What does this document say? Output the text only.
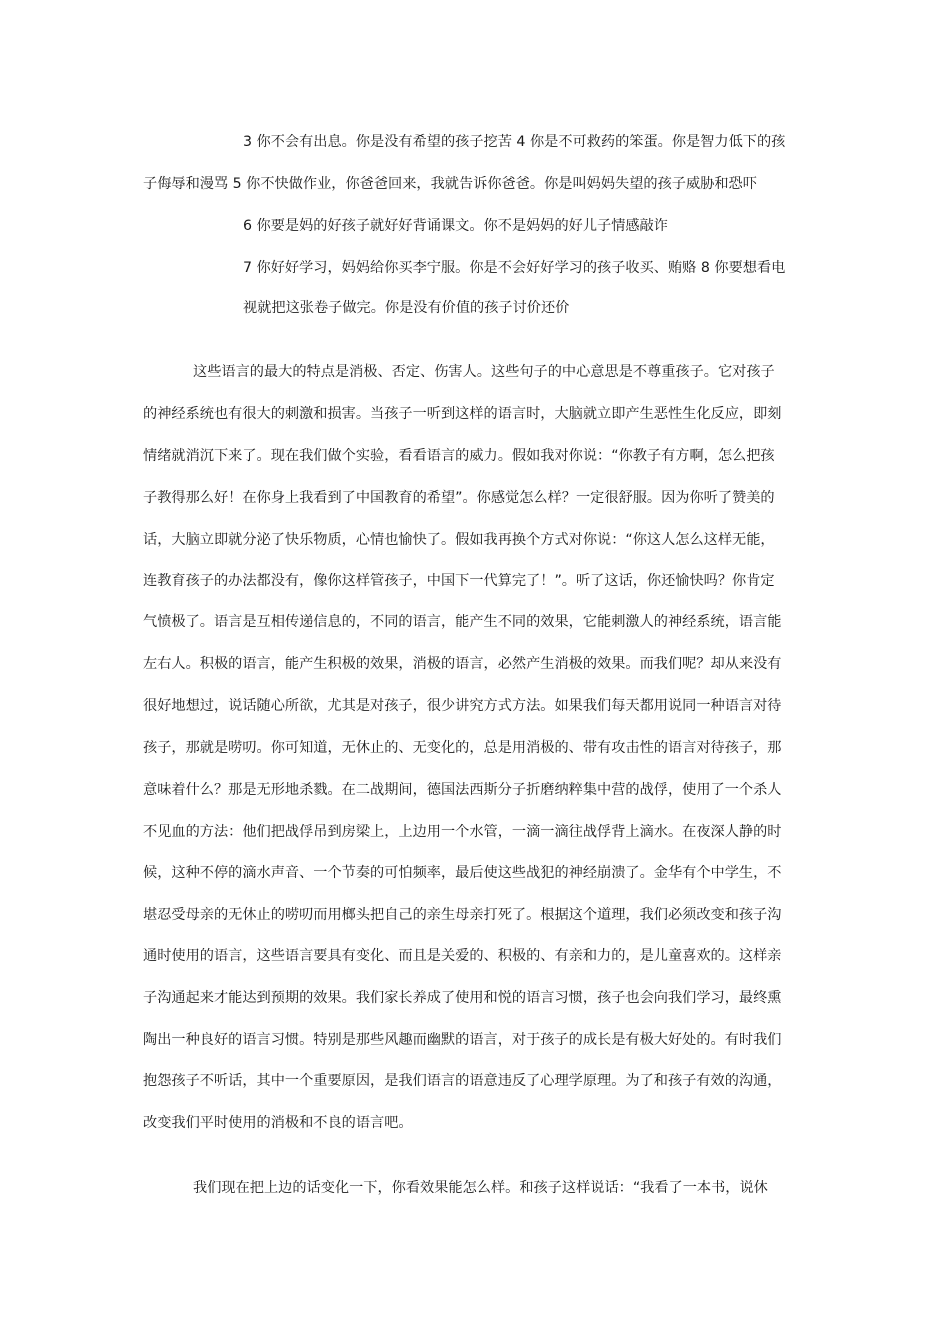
3 你不会有出息。你是没有希望的孩子挖苦 4 你是不可救药的笨蛋。你是智力低下的孩
子侮辱和漫骂 5 你不快做作业，你爸爸回来，我就告诉你爸爸。你是叫妈妈失望的孩子威胁和恐吓
6 你要是妈的好孩子就好好背诵课文。你不是妈妈的好儿子情感敲诈
7 你好好学习，妈妈给你买李宁服。你是不会好好学习的孩子收买、贿赂 8 你要想看电
视就把这张卷子做完。你是没有价值的孩子讨价还价
这些语言的最大的特点是消极、否定、伤害人。这些句子的中心意思是不尊重孩子。它对孩子
的神经系统也有很大的刺激和损害。当孩子一听到这样的语言时，大脑就立即产生恶性生化反应，即刻
情绪就消沉下来了。现在我们做个实验，看看语言的威力。假如我对你说：“你教子有方啊，怎么把孩
子教得那么好！在你身上我看到了中国教育的希望”。你感觉怎么样？一定很舒服。因为你听了赞美的
话，大脑立即就分泌了快乐物质，心情也愉快了。假如我再换个方式对你说：“你这人怎么这样无能，
连教育孩子的办法都没有，像你这样管孩子，中国下一代算完了！”。听了这话，你还愉快吗？你肯定
气愤极了。语言是互相传递信息的，不同的语言，能产生不同的效果，它能刺激人的神经系统，语言能
左右人。积极的语言，能产生积极的效果，消极的语言，必然产生消极的效果。而我们呢？却从来没有
很好地想过，说话随心所欲，尤其是对孩子，很少讲究方式方法。如果我们每天都用说同一种语言对待
孩子，那就是唠叨。你可知道，无休止的、无变化的，总是用消极的、带有攻击性的语言对待孩子，那
意味着什么？那是无形地杀戮。在二战期间，德国法西斯分子折磨纳粹集中营的战俘，使用了一个杀人
不见血的方法：他们把战俘吊到房梁上，上边用一个水管，一滴一滴往战俘背上滴水。在夜深人静的时
候，这种不停的滴水声音、一个节奏的可怕频率，最后使这些战犯的神经崩溃了。金华有个中学生，不
堪忍受母亲的无休止的唠叨而用榔头把自己的亲生母亲打死了。根据这个道理，我们必须改变和孩子沟
通时使用的语言，这些语言要具有变化、而且是关爱的、积极的、有亲和力的，是儿童喜欢的。这样亲
子沟通起来才能达到预期的效果。我们家长养成了使用和悦的语言习惯，孩子也会向我们学习，最终熏
陶出一种良好的语言习惯。特别是那些风趣而幽默的语言，对于孩子的成长是有极大好处的。有时我们
抱怨孩子不听话，其中一个重要原因，是我们语言的语意违反了心理学原理。为了和孩子有效的沟通，
改变我们平时使用的消极和不良的语言吧。
我们现在把上边的话变化一下，你看效果能怎么样。和孩子这样说话：“我看了一本书，说休
